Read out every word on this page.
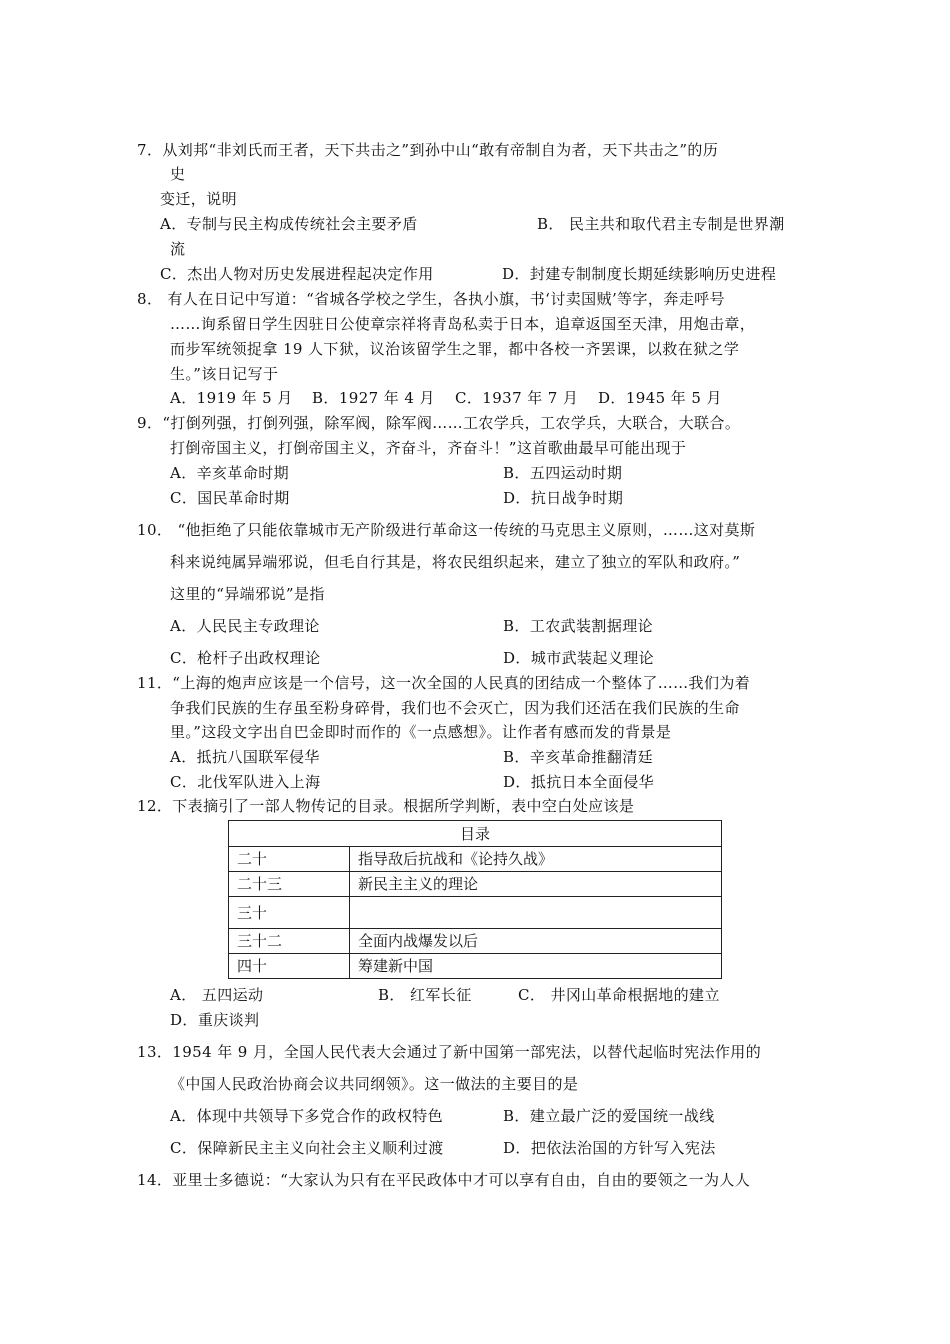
7．从刘邦“非刘氏而王者，天下共击之”到孙中山“敢有帝制自为者，天下共击之”的历
史
变迁，说明
A．专制与民主构成传统社会主要矛盾	B． 民主共和取代君主专制是世界潮
流
C．杰出人物对历史发展进程起决定作用	D．封建专制制度长期延续影响历史进程
8． 有人在日记中写道：“省城各学校之学生，各执小旗，书‘讨卖国贼’等字，奔走呼号
……询系留日学生因驻日公使章宗祥将青岛私卖于日本，追章返国至天津，用炮击章，
而步军统领捉拿 19 人下狱，议治该留学生之罪，都中各校一齐罢课，以救在狱之学
生。”该日记写于
A．1919 年 5 月 B．1927 年 4 月 C．1937 年 7 月 D．1945 年 5 月
9．“打倒列强，打倒列强，除军阀，除军阀……工农学兵，工农学兵，大联合，大联合。
打倒帝国主义，打倒帝国主义，齐奋斗，齐奋斗！”这首歌曲最早可能出现于
A．辛亥革命时期	B．五四运动时期
C．国民革命时期	D．抗日战争时期
10． “他拒绝了只能依靠城市无产阶级进行革命这一传统的马克思主义原则，……这对莫斯
科来说纯属异端邪说，但毛自行其是，将农民组织起来，建立了独立的军队和政府。”
这里的“异端邪说”是指
A．人民民主专政理论	B．工农武装割据理论
C．枪杆子出政权理论	D．城市武装起义理论
11．“上海的炮声应该是一个信号，这一次全国的人民真的团结成一个整体了……我们为着
争我们民族的生存虽至粉身碎骨，我们也不会灭亡，因为我们还活在我们民族的生命
里。”这段文字出自巴金即时而作的《一点感想》。让作者有感而发的背景是
A．抵抗八国联军侵华	B．辛亥革命推翻清廷
C．北伐军队进入上海	D．抵抗日本全面侵华
12．下表摘引了一部人物传记的目录。根据所学判断，表中空白处应该是
目录	
二十	指导敌后抗战和《论持久战》
二十三	新民主主义的理论
三十	
三十二	全面内战爆发以后
四十	筹建新中国
A． 五四运动	B． 红军长征	C． 井冈山革命根据地的建立
D．重庆谈判
13．1954 年 9 月，全国人民代表大会通过了新中国第一部宪法，以替代起临时宪法作用的
《中国人民政治协商会议共同纲领》。这一做法的主要目的是
A．体现中共领导下多党合作的政权特色	B．建立最广泛的爱国统一战线
C．保障新民主主义向社会主义顺利过渡	D．把依法治国的方针写入宪法
14．亚里士多德说：“大家认为只有在平民政体中才可以享有自由，自由的要领之一为人人
